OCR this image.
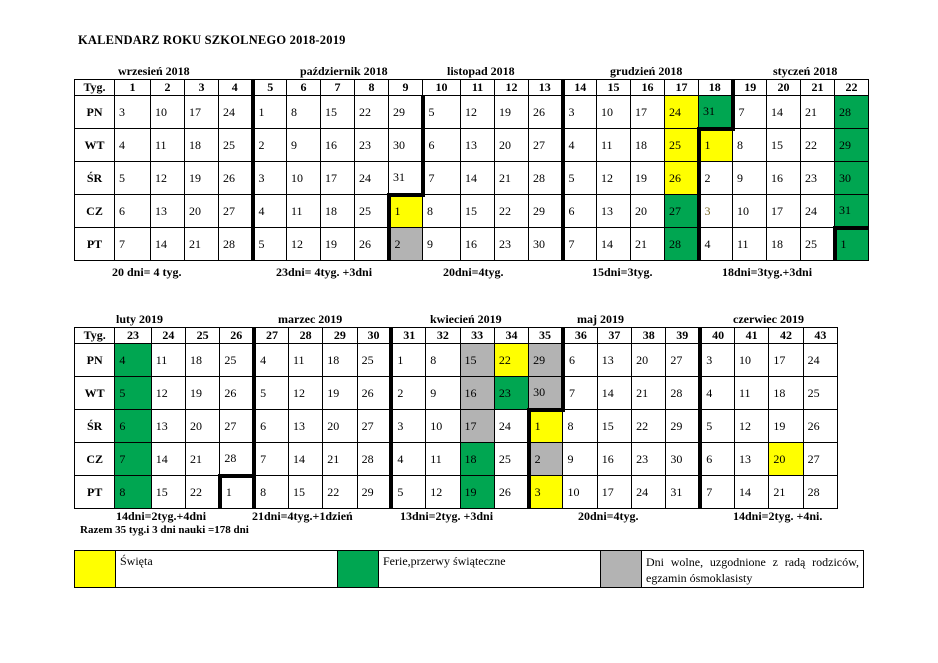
KALENDARZ ROKU SZKOLNEGO 2018-2019
wrzesień 2018	październik 2018	listopad 2018	grudzień 2018	styczeń 2018
Tyg.	1	2	3	4	5	6	7	8	9	10	11	12	13	14	15	16	17	18	19	20	21	22
PN	3	10	17	24	1	8	15	22	29	5	12	19	26	3	10	17	24	31	7	14	21	28
WT	4	11	18	25	2	9	16	23	30	6	13	20	27	4	11	18	25	1	8	15	22	29
ŚR	5	12	19	26	3	10	17	24	31	7	14	21	28	5	12	19	26	2	9	16	23	30
CZ	6	13	20	27	4	11	18	25	1	8	15	22	29	6	13	20	27	3	10	17	24	31
PT	7	14	21	28	5	12	19	26	2	9	16	23	30	7	14	21	28	4	11	18	25	1
20 dni= 4 tyg.	23dni= 4tyg. +3dni	20dni=4tyg.	15dni=3tyg.	18dni=3tyg.+3dni
luty 2019	marzec 2019	kwiecień 2019	maj 2019	czerwiec 2019
Tyg.	23	24	25	26	27	28	29	30	31	32	33	34	35	36	37	38	39	40	41	42	43
PN	4	11	18	25	4	11	18	25	1	8	15	22	29	6	13	20	27	3	10	17	24
WT	5	12	19	26	5	12	19	26	2	9	16	23	30	7	14	21	28	4	11	18	25
ŚR	6	13	20	27	6	13	20	27	3	10	17	24	1	8	15	22	29	5	12	19	26
CZ	7	14	21	28	7	14	21	28	4	11	18	25	2	9	16	23	30	6	13	20	27
PT	8	15	22	1	8	15	22	29	5	12	19	26	3	10	17	24	31	7	14	21	28
14dni=2tyg.+4dni	21dni=4tyg.+1dzień	13dni=2tyg. +3dni	20dni=4tyg.	14dni=2tyg. +4ni.
Razem 35 tyg.i 3 dni nauki =178 dni
Święta	Ferie,przerwy świąteczne	Dni wolne, uzgodnione z radą rodziców, egzamin ósmoklasisty
